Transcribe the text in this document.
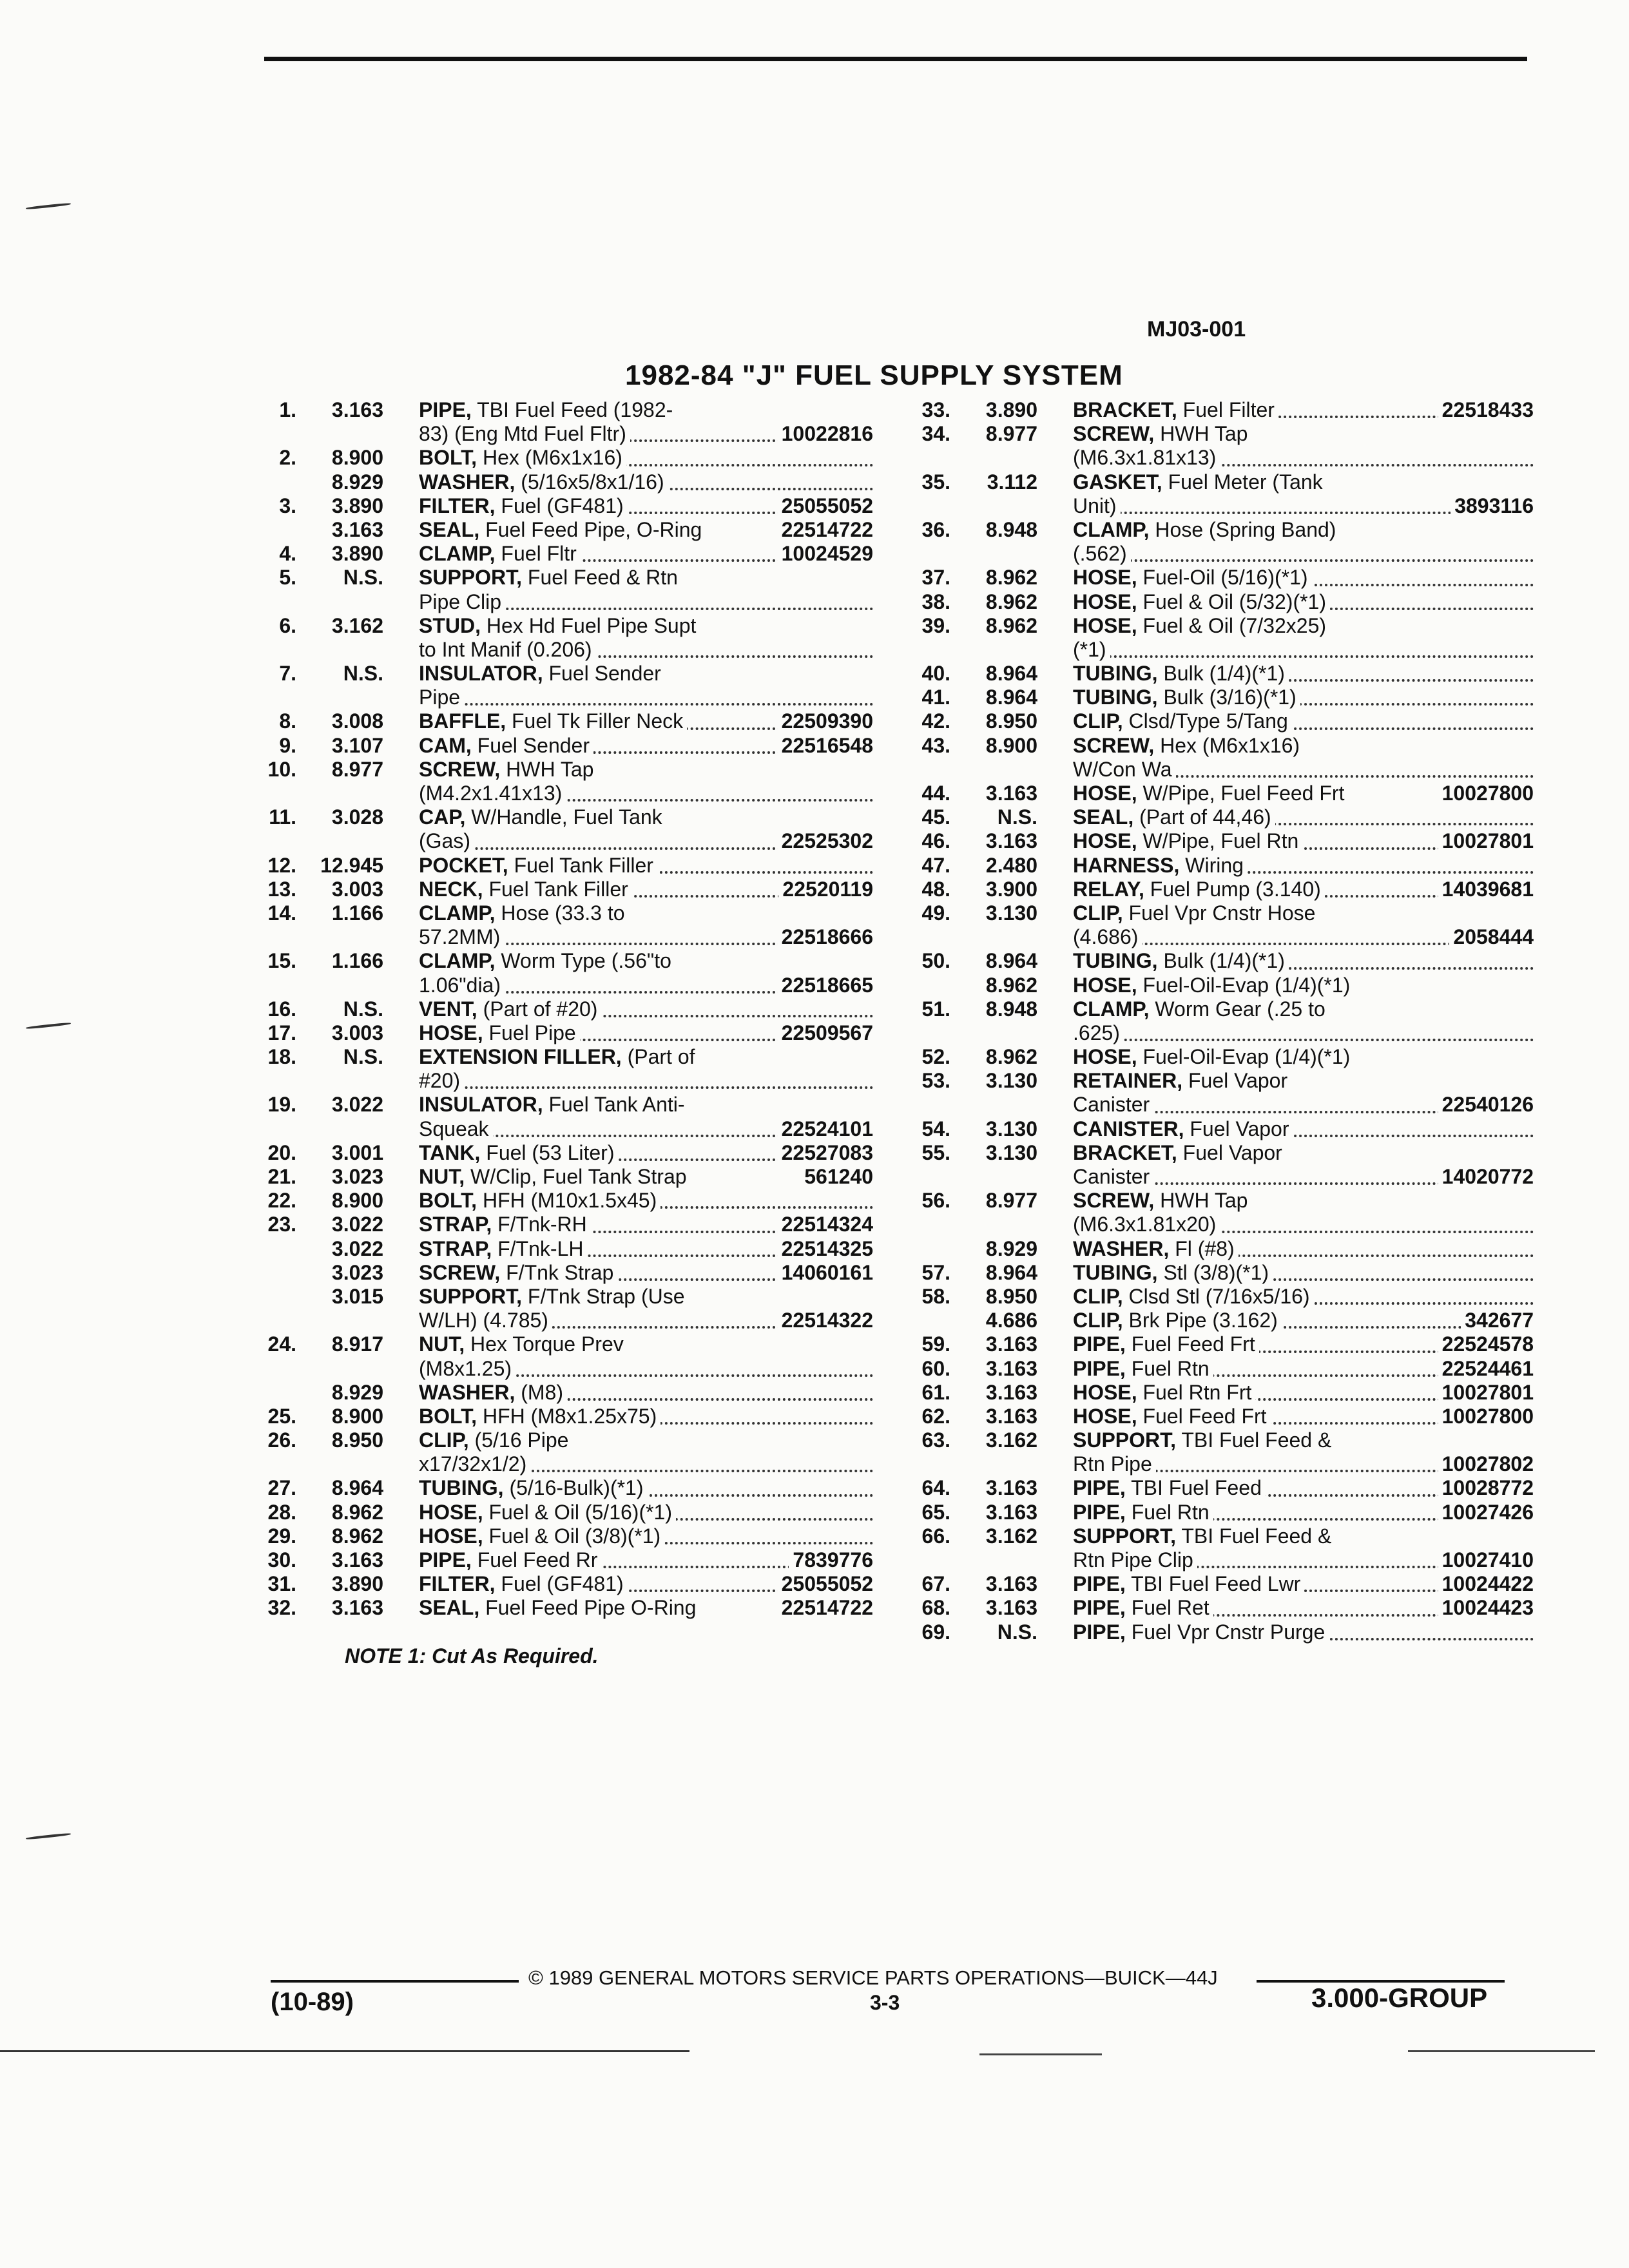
MJ03-001
1982-84 "J" FUEL SUPPLY SYSTEM
1.	3.163 PIPE, TBI Fuel Feed (1982-
83) (Eng Mtd Fuel Fltr)	10022816
2.	8.900 BOLT, Hex (M6x1x16)
8.929 WASHER, (5/16x5/8x1/16)
3.	3.890 FILTER, Fuel (GF481)	25055052
3.163 SEAL, Fuel Feed Pipe, O-Ring	22514722
4.	3.890 CLAMP, Fuel Fltr	10024529
5.	N.S. SUPPORT, Fuel Feed & Rtn
Pipe Clip
6.	3.162 STUD, Hex Hd Fuel Pipe Supt
to Int Manif (0.206)
7.	N.S. INSULATOR, Fuel Sender
Pipe
8.	3.008 BAFFLE, Fuel Tk Filler Neck	22509390
9.	3.107 CAM, Fuel Sender	22516548
10.	8.977 SCREW, HWH Tap
(M4.2x1.41x13)
11.	3.028 CAP, W/Handle, Fuel Tank
(Gas)	22525302
12.	12.945 POCKET, Fuel Tank Filler
13.	3.003 NECK, Fuel Tank Filler	22520119
14.	1.166 CLAMP, Hose (33.3 to
57.2MM)	22518666
15.	1.166 CLAMP, Worm Type (.56"to
1.06"dia)	22518665
16.	N.S. VENT, (Part of #20)
17.	3.003 HOSE, Fuel Pipe	22509567
18.	N.S. EXTENSION FILLER, (Part of
#20)
19.	3.022 INSULATOR, Fuel Tank Anti-
Squeak	22524101
20.	3.001 TANK, Fuel (53 Liter)	22527083
21.	3.023 NUT, W/Clip, Fuel Tank Strap	561240
22.	8.900 BOLT, HFH (M10x1.5x45)
23.	3.022 STRAP, F/Tnk-RH	22514324
3.022 STRAP, F/Tnk-LH	22514325
3.023 SCREW, F/Tnk Strap	14060161
3.015 SUPPORT, F/Tnk Strap (Use
W/LH) (4.785)	22514322
24.	8.917 NUT, Hex Torque Prev
(M8x1.25)
8.929 WASHER, (M8)
25.	8.900 BOLT, HFH (M8x1.25x75)
26.	8.950 CLIP, (5/16 Pipe
x17/32x1/2)
27.	8.964 TUBING, (5/16-Bulk)(*1)
28.	8.962 HOSE, Fuel & Oil (5/16)(*1)
29.	8.962 HOSE, Fuel & Oil (3/8)(*1)
30.	3.163 PIPE, Fuel Feed Rr	7839776
31.	3.890 FILTER, Fuel (GF481)	25055052
32.	3.163 SEAL, Fuel Feed Pipe O-Ring	22514722
33.	3.890 BRACKET, Fuel Filter	22518433
34.	8.977 SCREW, HWH Tap
(M6.3x1.81x13)
35.	3.112 GASKET, Fuel Meter (Tank
Unit)	3893116
36.	8.948 CLAMP, Hose (Spring Band)
(.562)
37.	8.962 HOSE, Fuel-Oil (5/16)(*1)
38.	8.962 HOSE, Fuel & Oil (5/32)(*1)
39.	8.962 HOSE, Fuel & Oil (7/32x25)
(*1)
40.	8.964 TUBING, Bulk (1/4)(*1)
41.	8.964 TUBING, Bulk (3/16)(*1)
42.	8.950 CLIP, Clsd/Type 5/Tang
43.	8.900 SCREW, Hex (M6x1x16)
W/Con Wa
44.	3.163 HOSE, W/Pipe, Fuel Feed Frt	10027800
45.	N.S. SEAL, (Part of 44,46)
46.	3.163 HOSE, W/Pipe, Fuel Rtn	10027801
47.	2.480 HARNESS, Wiring
48.	3.900 RELAY, Fuel Pump (3.140)	14039681
49.	3.130 CLIP, Fuel Vpr Cnstr Hose
(4.686)	2058444
50.	8.964 TUBING, Bulk (1/4)(*1)
8.962 HOSE, Fuel-Oil-Evap (1/4)(*1)
51.	8.948 CLAMP, Worm Gear (.25 to
.625)
52.	8.962 HOSE, Fuel-Oil-Evap (1/4)(*1)
53.	3.130 RETAINER, Fuel Vapor
Canister	22540126
54.	3.130 CANISTER, Fuel Vapor
55.	3.130 BRACKET, Fuel Vapor
Canister	14020772
56.	8.977 SCREW, HWH Tap
(M6.3x1.81x20)
8.929 WASHER, Fl (#8)
57.	8.964 TUBING, Stl (3/8)(*1)
58.	8.950 CLIP, Clsd Stl (7/16x5/16)
4.686 CLIP, Brk Pipe (3.162)	342677
59.	3.163 PIPE, Fuel Feed Frt	22524578
60.	3.163 PIPE, Fuel Rtn	22524461
61.	3.163 HOSE, Fuel Rtn Frt	10027801
62.	3.163 HOSE, Fuel Feed Frt	10027800
63.	3.162 SUPPORT, TBI Fuel Feed &
Rtn Pipe	10027802
64.	3.163 PIPE, TBI Fuel Feed	10028772
65.	3.163 PIPE, Fuel Rtn	10027426
66.	3.162 SUPPORT, TBI Fuel Feed &
Rtn Pipe Clip	10027410
67.	3.163 PIPE, TBI Fuel Feed Lwr	10024422
68.	3.163 PIPE, Fuel Ret	10024423
69.	N.S. PIPE, Fuel Vpr Cnstr Purge
NOTE 1: Cut As Required.
© 1989 GENERAL MOTORS SERVICE PARTS OPERATIONS—BUICK—44J
(10-89)	3-3	3.000-GROUP
